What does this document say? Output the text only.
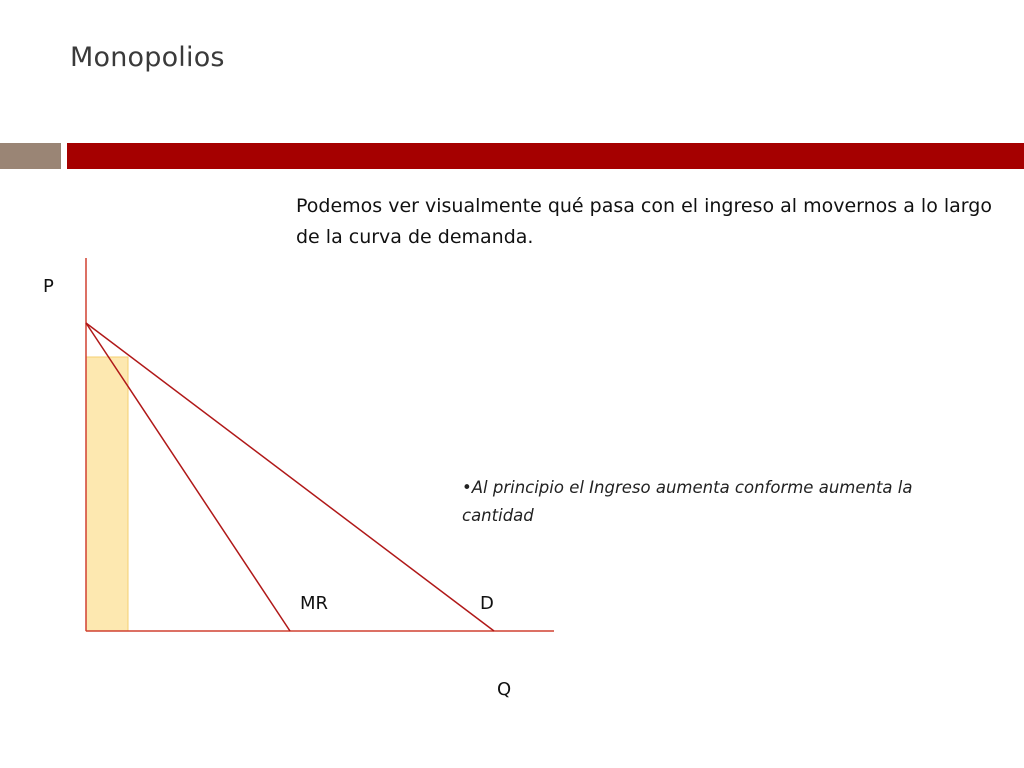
Monopolios
Podemos ver visualmente qué pasa con el ingreso al movernos a lo largo de la curva de demanda.
P
MR	D
Q
•Al principio el Ingreso aumenta conforme aumenta la cantidad
